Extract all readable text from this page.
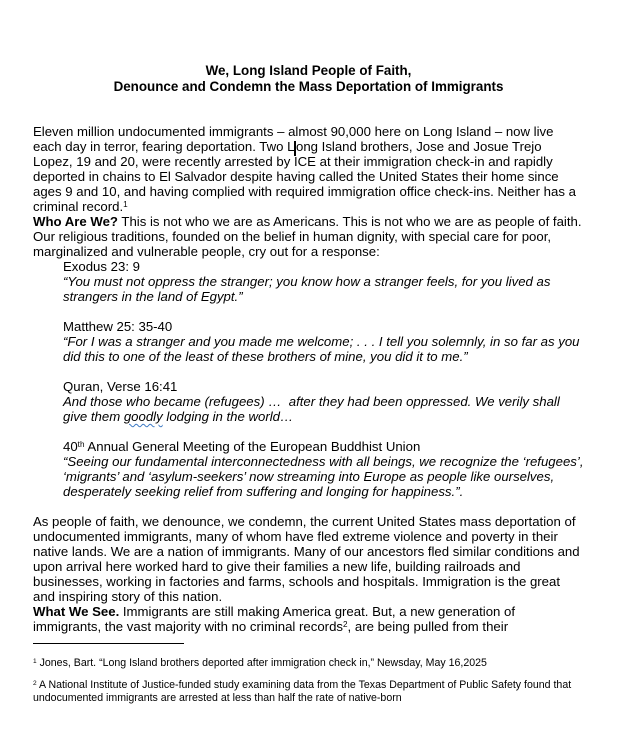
We, Long Island People of Faith,
Denounce and Condemn the Mass Deportation of Immigrants

Eleven million undocumented immigrants – almost 90,000 here on Long Island – now live each day in terror, fearing deportation. Two L ong Island brothers, Jose and Josue Trejo Lopez, 19 and 20, were recently arrested by ICE at their immigration check-in and rapidly deported in chains to El Salvador despite having called the United States their home since ages 9 and 10, and having complied with required immigration office check-ins. Neither has a criminal record.$^1$

Who Are We? This is not who we are as Americans. This is not who we are as people of faith.  Our religious traditions, founded on the belief in human dignity, with special care for poor, marginalized and vulnerable people, cry out for a response:

Exodus 23: 9

“You must not oppress the stranger; you know how a stranger feels, for you lived as strangers in the land of Egypt.”

Matthew 25: 35-40

“For I was a stranger and you made me welcome; . . . I tell you solemnly, in so far as you did this to one of the least of these brothers of mine, you did it to me.”

Quran, Verse 16:41

And those who became (refugees) …  after they had been oppressed. We verily shall give them goodly lodging in the world…

40th Annual General Meeting of the European Buddhist Union

“Seeing our fundamental interconnectedness with all beings, we recognize the ‘refugees’, ‘migrants’ and ‘asylum-seekers’ now streaming into Europe as people like ourselves, desperately seeking relief from suffering and longing for happiness.”.

As people of faith, we denounce, we condemn, the current United States mass deportation of undocumented immigrants, many of whom have fled extreme violence and poverty in their native lands. We are a nation of immigrants. Many of our ancestors fled similar conditions and upon arrival here worked hard to give their families a new life, building railroads and businesses, working in factories and farms, schools and hospitals. Immigration is the great and inspiring story of this nation.

What We See. Immigrants are still making America great. But, a new generation of immigrants, the vast majority with no criminal records$^2$, are being pulled from their

$^1$ Jones, Bart. “Long Island brothers deported after immigration check in,” Newsday, May 16,2025

$^2$ A National Institute of Justice-funded study examining data from the Texas Department of Public Safety found that undocumented immigrants are arrested at less than half the rate of native-born
